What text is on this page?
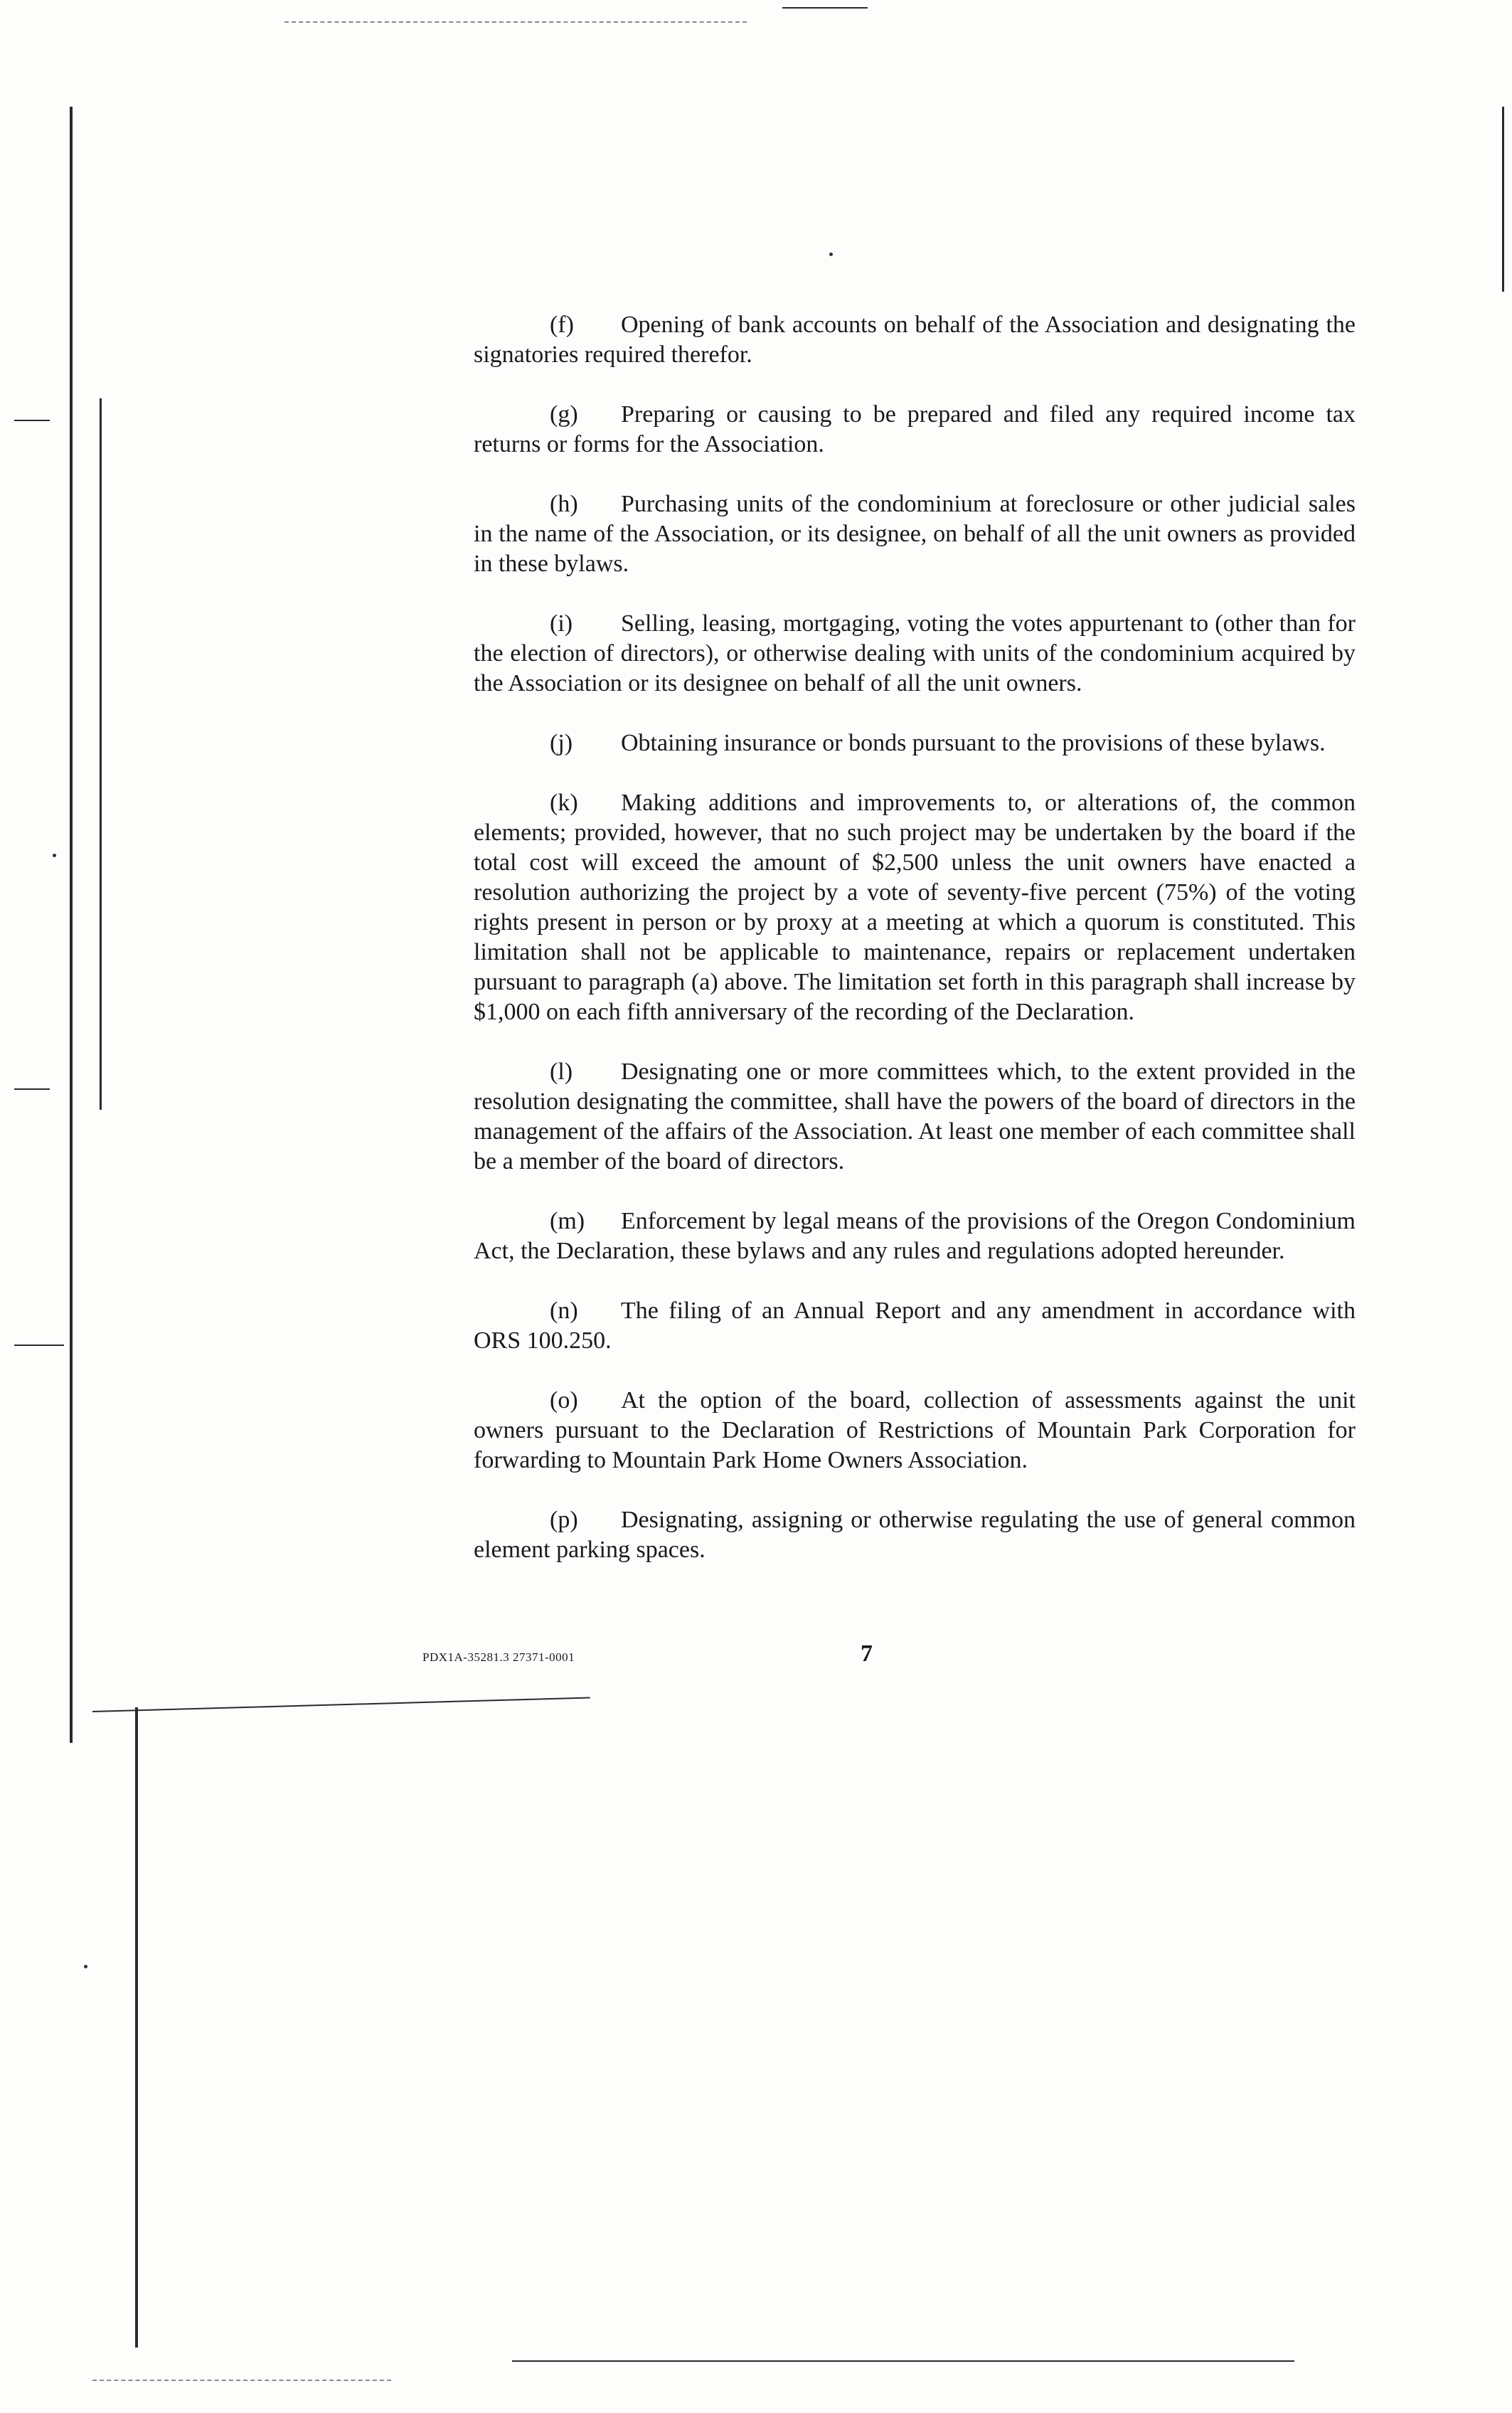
(f) Opening of bank accounts on behalf of the Association and designating the signatories required therefor.

(g) Preparing or causing to be prepared and filed any required income tax returns or forms for the Association.

(h) Purchasing units of the condominium at foreclosure or other judicial sales in the name of the Association, or its designee, on behalf of all the unit owners as provided in these bylaws.

(i) Selling, leasing, mortgaging, voting the votes appurtenant to (other than for the election of directors), or otherwise dealing with units of the condominium acquired by the Association or its designee on behalf of all the unit owners.

(j) Obtaining insurance or bonds pursuant to the provisions of these bylaws.

(k) Making additions and improvements to, or alterations of, the common elements; provided, however, that no such project may be undertaken by the board if the total cost will exceed the amount of $2,500 unless the unit owners have enacted a resolution authorizing the project by a vote of seventy-five percent (75%) of the voting rights present in person or by proxy at a meeting at which a quorum is constituted. This limitation shall not be applicable to maintenance, repairs or replacement undertaken pursuant to paragraph (a) above. The limitation set forth in this paragraph shall increase by $1,000 on each fifth anniversary of the recording of the Declaration.

(l) Designating one or more committees which, to the extent provided in the resolution designating the committee, shall have the powers of the board of directors in the management of the affairs of the Association. At least one member of each committee shall be a member of the board of directors.

(m) Enforcement by legal means of the provisions of the Oregon Condominium Act, the Declaration, these bylaws and any rules and regulations adopted hereunder.

(n) The filing of an Annual Report and any amendment in accordance with ORS 100.250.

(o) At the option of the board, collection of assessments against the unit owners pursuant to the Declaration of Restrictions of Mountain Park Corporation for forwarding to Mountain Park Home Owners Association.

(p) Designating, assigning or otherwise regulating the use of general common element parking spaces.

PDX1A-35281.3 27371-0001	7
